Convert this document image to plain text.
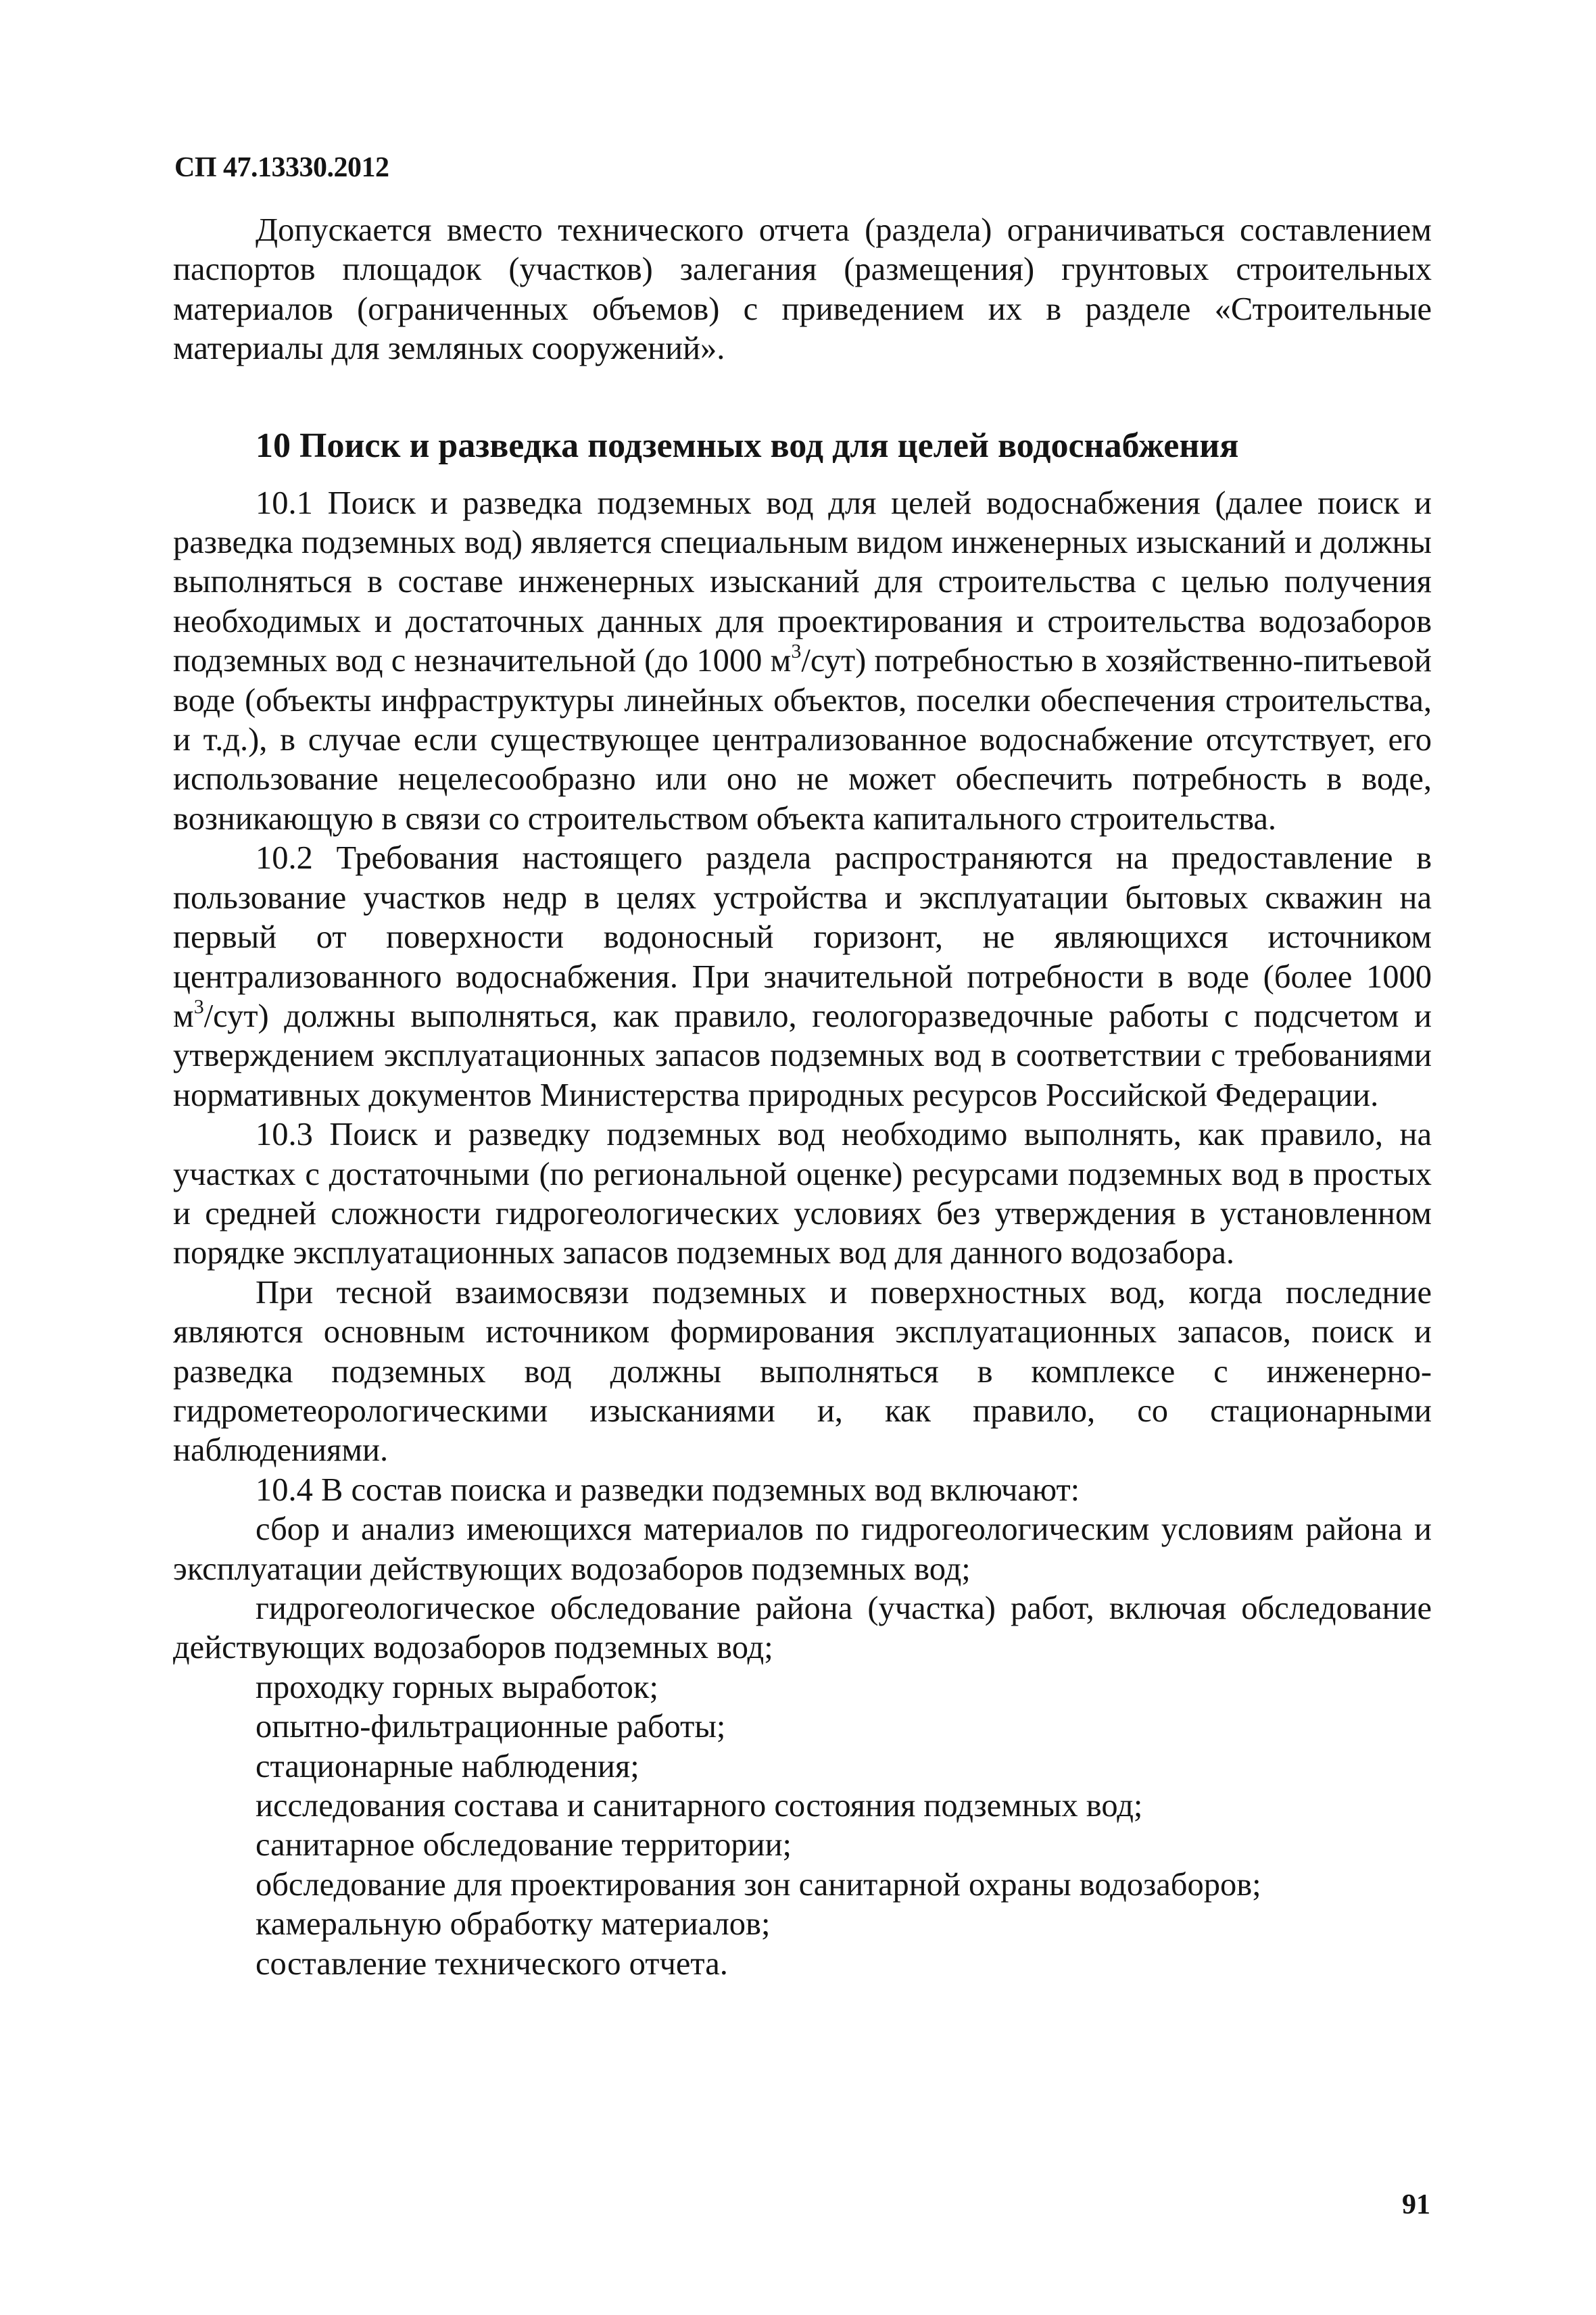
СП 47.13330.2012

Допускается вместо технического отчета (раздела) ограничиваться составлением паспортов площадок (участков) залегания (размещения) грунтовых строительных материалов (ограниченных объемов) с приведением их в разделе «Строительные материалы для земляных сооружений».

10 Поиск и разведка подземных вод для целей водоснабжения

10.1 Поиск и разведка подземных вод для целей водоснабжения (далее поиск и разведка подземных вод) является специальным видом инженерных изысканий и должны выполняться в составе инженерных изысканий для строительства с целью получения необходимых и достаточных данных для проектирования и строительства водозаборов подземных вод с незначительной (до 1000 $м^3/сут$) потребностью в хозяйственно-питьевой воде (объекты инфраструктуры линейных объектов, поселки обеспечения строительства, и т.д.), в случае если существующее централизованное водоснабжение отсутствует, его использование нецелесообразно или оно не может обеспечить потребность в воде, возникающую в связи со строительством объекта капитального строительства.

10.2 Требования настоящего раздела распространяются на предоставление в пользование участков недр в целях устройства и эксплуатации бытовых скважин на первый от поверхности водоносный горизонт, не являющихся источником централизованного водоснабжения. При значительной потребности в воде (более 1000 $м^3/сут$) должны выполняться, как правило, геологоразведочные работы с подсчетом и утверждением эксплуатационных запасов подземных вод в соответствии с требованиями нормативных документов Министерства природных ресурсов Российской Федерации.

10.3 Поиск и разведку подземных вод необходимо выполнять, как правило, на участках с достаточными (по региональной оценке) ресурсами подземных вод в простых и средней сложности гидрогеологических условиях без утверждения в установленном порядке эксплуатационных запасов подземных вод для данного водозабора.

При тесной взаимосвязи подземных и поверхностных вод, когда последние являются основным источником формирования эксплуатационных запасов, поиск и разведка подземных вод должны выполняться в комплексе с инженерно-гидрометеорологическими изысканиями и, как правило, со стационарными наблюдениями.

10.4 В состав поиска и разведки подземных вод включают:

сбор и анализ имеющихся материалов по гидрогеологическим условиям района и эксплуатации действующих водозаборов подземных вод;

гидрогеологическое обследование района (участка) работ, включая обследование действующих водозаборов подземных вод;

проходку горных выработок;

опытно-фильтрационные работы;

стационарные наблюдения;

исследования состава и санитарного состояния подземных вод;

санитарное обследование территории;

обследование для проектирования зон санитарной охраны водозаборов;

камеральную обработку материалов;

составление технического отчета.

91
